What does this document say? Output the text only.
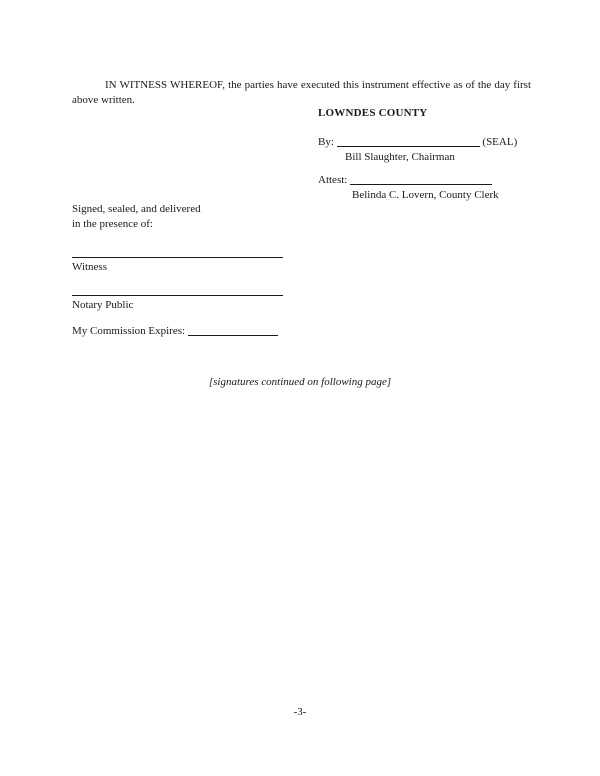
IN WITNESS WHEREOF, the parties have executed this instrument effective as of the day first above written.

LOWNDES COUNTY
By:	(SEAL)
Bill Slaughter, Chairman
Attest:
Belinda C. Lovern, County Clerk
Signed, sealed, and delivered
in the presence of:
Witness
Notary Public
My Commission Expires:
[signatures continued on following page]
-3-
